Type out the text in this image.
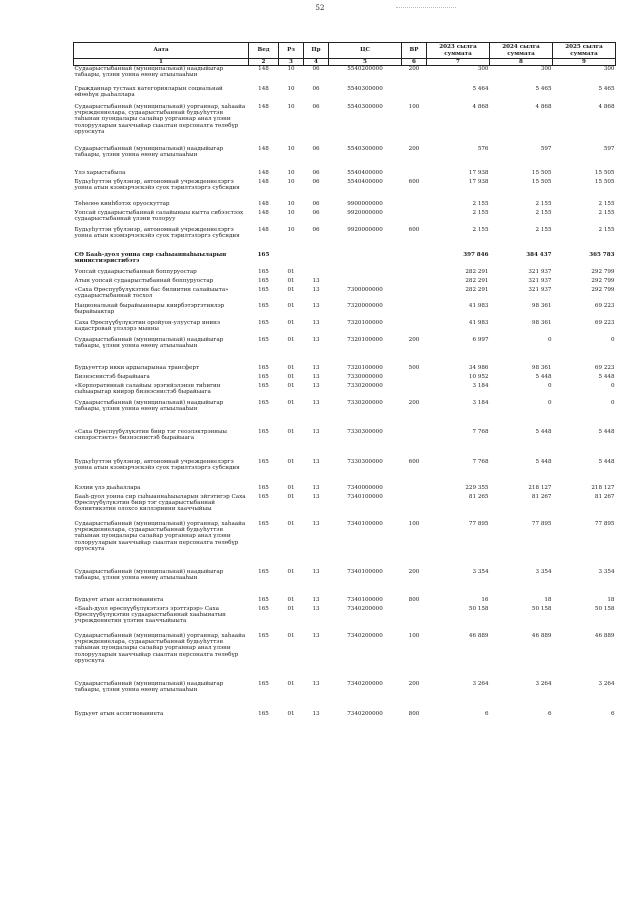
52
Аата	Вед	Рз	Пр	ЦС	ВР	2023 сылга суммата	2024 сылга суммата	2025 сылга суммата
1	2	3	4	5	6	7	8	9
Судаарыстыбаннай (муниципальнай) наадыйыгар табаары, үлэни уонна өнөнү атыылааһын	148	10	06	5540200000	200	300	300	300
Гражданнар тустаах категорияларын социальнай өйөөһүн дьаһаллара	148	10	06	5540300000		5 464	5 465	5 465
Судаарыстыбаннай (муниципальнай) уорганнар, хаһаайа учреждениелара, судаарыстыбаннай будьуһуттэн таһынан пуондалары салайар уорганнар анал үлэни толорууларын хааччыйар сыалтан персоналга төлөбүр оруоскута	148	10	06	5540300000	100	4 868	4 868	4 868
Судаарыстыбаннай (муниципальнай) наадыйыгар табаары, үлэни уонна өнөнү атыылааһын	148	10	06	5540300000	200	576	597	597
Үлэ харыстабыла	148	10	06	5540400000		17 938	15 505	15 505
Будьуһуттэн үбүлэнэр, автономнай учреждениелэргэ уонна атын кээмэрчэскэйэ суох тэрилтэлэргэ субсидия	148	10	06	5540400000	600	17 938	15 505	15 505
Төһөлөө кииһбэтэх оруоскуттар	148	10	06	9900000000		2 155	2 155	2 155
Уопсай судаарыстыбаннай салайыныы кытта сибээстээх судаарыстыбаннай үлэни толоруу	148	10	06	9920000000		2 155	2 155	2 155
Будьуһуттэн үбүлэнэр, автономнай учреждениелэргэ уонна атын кээмэрчэскэйэ суох тэрилтэлэргэ субсидия	148	10	06	9920000000	600	2 155	2 155	2 155
СӨ Бааһ-дуол уонна сир сыһыаннаһыыларын министиэристибэтэ	165					397 846	384 437	365 783
Уопсай судаарыстыбаннай боппуруостар	165	01				282 291	321 937	292 799
Атын уопсай судаарыстыбаннай боппуруостар	165	01	13			282 291	321 937	292 799
«Саха Өрөспүүбүлүкэтин бас билиитин салайыыта» судаарыстыбаннай тосхол	165	01	13	7300000000		282 291	321 937	292 799
Национальнай бырайыаннары киирбэтэргэтиилэр бырайыактар	165	01	13	7320000000		41 983	98 361	69 223
Саха Өрөспүүбүлүкэтин оройуон-улуустар ининэ кадастровай үлэлэрэ мынны	165	01	13	7320100000		41 983	98 361	69 223
Судаарыстыбаннай (муниципальнай) наадыйыгар табаары, үлэни уонна өнөнү атыылааһын	165	01	13	7320100000	200	6 997	0	0
Будьуөттэр икки ардыларынаа трансферт	165	01	13	7320100000	500	34 986	98 361	69 223
Бизнэснистэб бырайыага	165	01	13	7330000000		10 952	5 448	5 448
«Корпоративнай салайыы эрэгийэлэнэн тиһигин сыһыарыгар киирэр бизнэснистэб бырайыага	165	01	13	7330200000		3 184	0	0
Судаарыстыбаннай (муниципальнай) наадыйыгар табаары, үлэни уонна өнөнү атыылааһын	165	01	13	7330200000	200	3 184	0	0
«Саха Өрөспүүбүлүкэтин биир тэг геоэлэктрэнныы сипэрэстэнтэ» бизнэснистэб бырайыага	165	01	13	7330300000		7 768	5 448	5 448
Будьуһуттэн үбүлэнэр, автономнай учреждениелэргэ уонна атын кээмэрчэскэйэ суох тэрилтэлэргэ субсидия	165	01	13	7330300000	600	7 768	5 448	5 448
Кэлии үлэ дьаһаллара	165	01	13	7340000000		229 355	218 127	218 127
Бааһ-дуол уонна сир сыһыаннаһыыларын эйгэтигэр Саха Өрөспүүбүлүкэтин биир тэг судаарыстыбаннай бэлиитикэтин олохсо киллэриини хааччыйыы	165	01	13	7340100000		81 265	81 267	81 267
Судаарыстыбаннай (муниципальнай) уорганнар, хаһаайа учреждениелара, судаарыстыбаннай будьуһуттэн таһынан пуондалары салайар уорганнар анал үлэни толорууларын хааччыйар сыалтан персоналга төлөбүр оруоскута	165	01	13	7340100000	100	77 895	77 895	77 895
Судаарыстыбаннай (муниципальнай) наадыйыгар табаары, үлэни уонна өнөнү атыылааһын	165	01	13	7340100000	200	3 354	3 354	3 354
Будьуөт атын ассигнованиета	165	01	13	7340100000	800	16	18	18
«Бааһ-дуол өрөспүүбүлүкэтээгэ эрэттэрэр» Саха Өрөспүүбүлүкэтин судаарыстыбаннай хааһынатын учреждениетин үлэтин хааччыйыыта	165	01	13	7340200000		50 158	50 158	50 158
Судаарыстыбаннай (муниципальнай) уорганнар, хаһаайа учреждениелара, судаарыстыбаннай будьуһуттэн таһынан пуондалары салайар уорганнар анал үлэни толорууларын хааччыйар сыалтан персоналга төлөбүр оруоскута	165	01	13	7340200000	100	46 889	46 889	46 889
Судаарыстыбаннай (муниципальнай) наадыйыгар табаары, үлэни уонна өнөнү атыылааһын	165	01	13	7340200000	200	3 264	3 264	3 264
Будьуөт атын ассигнованиета	165	01	13	7340200000	800	6	6	6
